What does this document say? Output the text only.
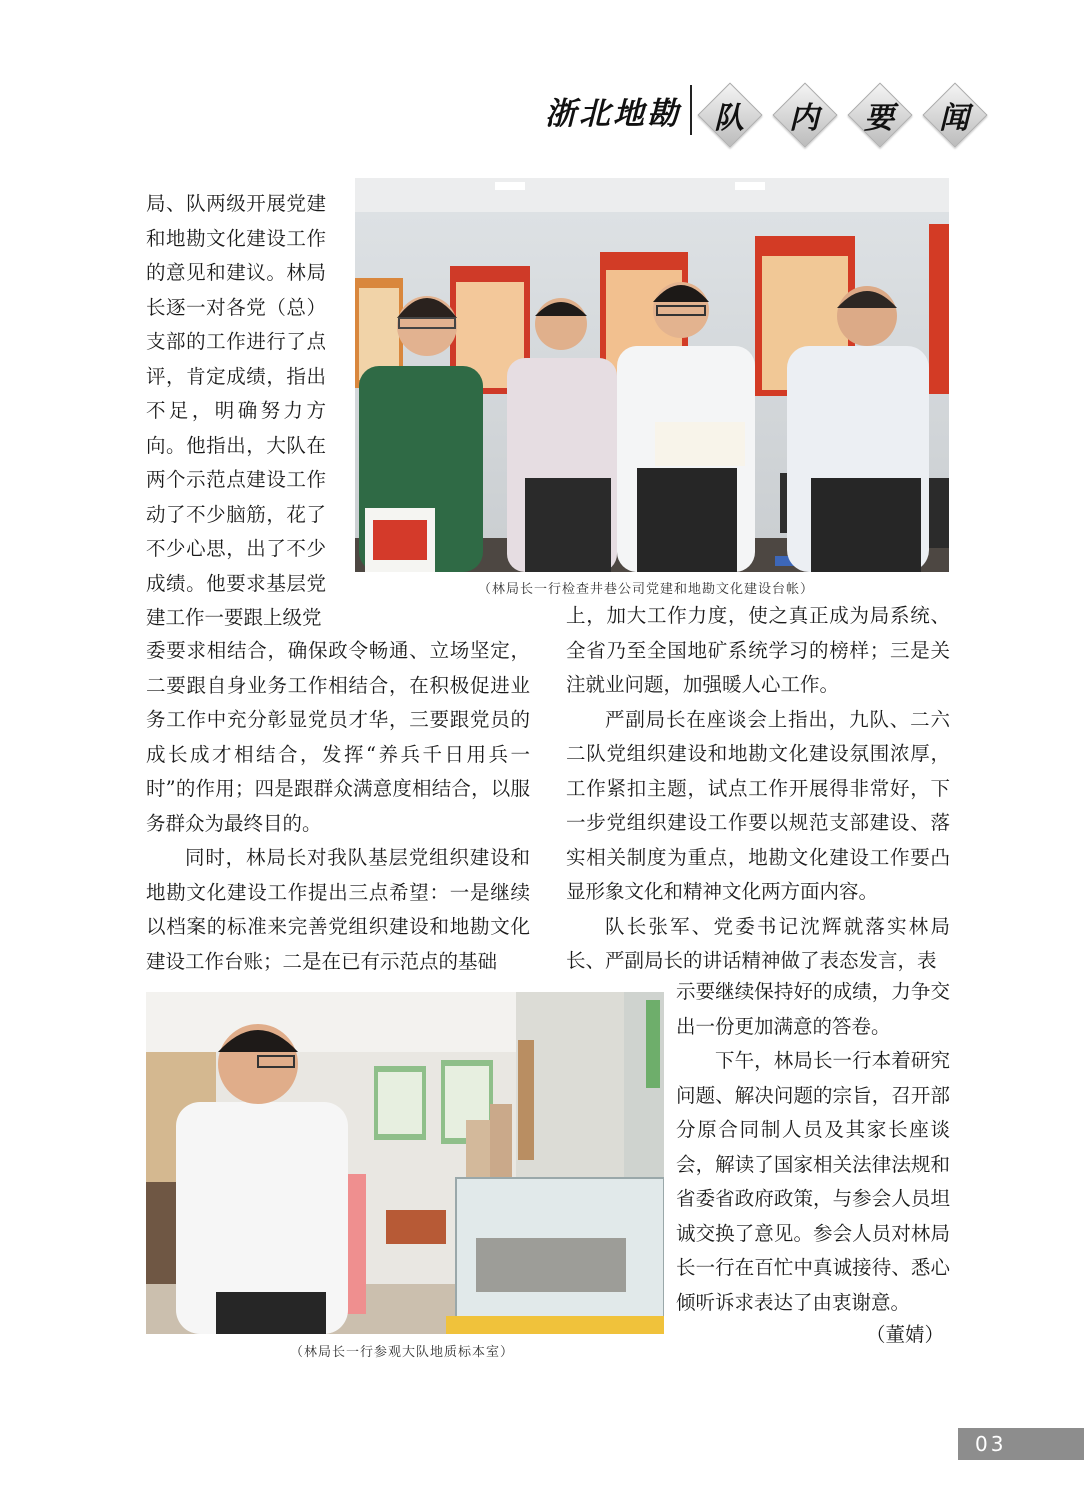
浙北地勘	队	内	要	闻
（林局长一行检查井巷公司党建和地勘文化建设台帐）
局、队两级开展党建和地勘文化建设工作的意见和建议。林局长逐一对各党（总）支部的工作进行了点评，肯定成绩，指出不足，明确努力方向。他指出，大队在两个示范点建设工作动了不少脑筋，花了不少心思，出了不少成绩。他要求基层党建工作一要跟上级党

委要求相结合，确保政令畅通、立场坚定，二要跟自身业务工作相结合，在积极促进业务工作中充分彰显党员才华，三要跟党员的成长成才相结合，发挥“养兵千日用兵一时”的作用；四是跟群众满意度相结合，以服务群众为最终目的。

同时，林局长对我队基层党组织建设和地勘文化建设工作提出三点希望：一是继续以档案的标准来完善党组织建设和地勘文化建设工作台账；二是在已有示范点的基础

上，加大工作力度，使之真正成为局系统、全省乃至全国地矿系统学习的榜样；三是关注就业问题，加强暖人心工作。

严副局长在座谈会上指出，九队、二六二队党组织建设和地勘文化建设氛围浓厚，工作紧扣主题，试点工作开展得非常好，下一步党组织建设工作要以规范支部建设、落实相关制度为重点，地勘文化建设工作要凸显形象文化和精神文化两方面内容。

队长张军、党委书记沈辉就落实林局长、严副局长的讲话精神做了表态发言，表

示要继续保持好的成绩，力争交出一份更加满意的答卷。

下午，林局长一行本着研究问题、解决问题的宗旨，召开部分原合同制人员及其家长座谈会，解读了国家相关法律法规和省委省政府政策，与参会人员坦诚交换了意见。参会人员对林局长一行在百忙中真诚接待、悉心倾听诉求表达了由衷谢意。

（董婧）
（林局长一行参观大队地质标本室）
03
